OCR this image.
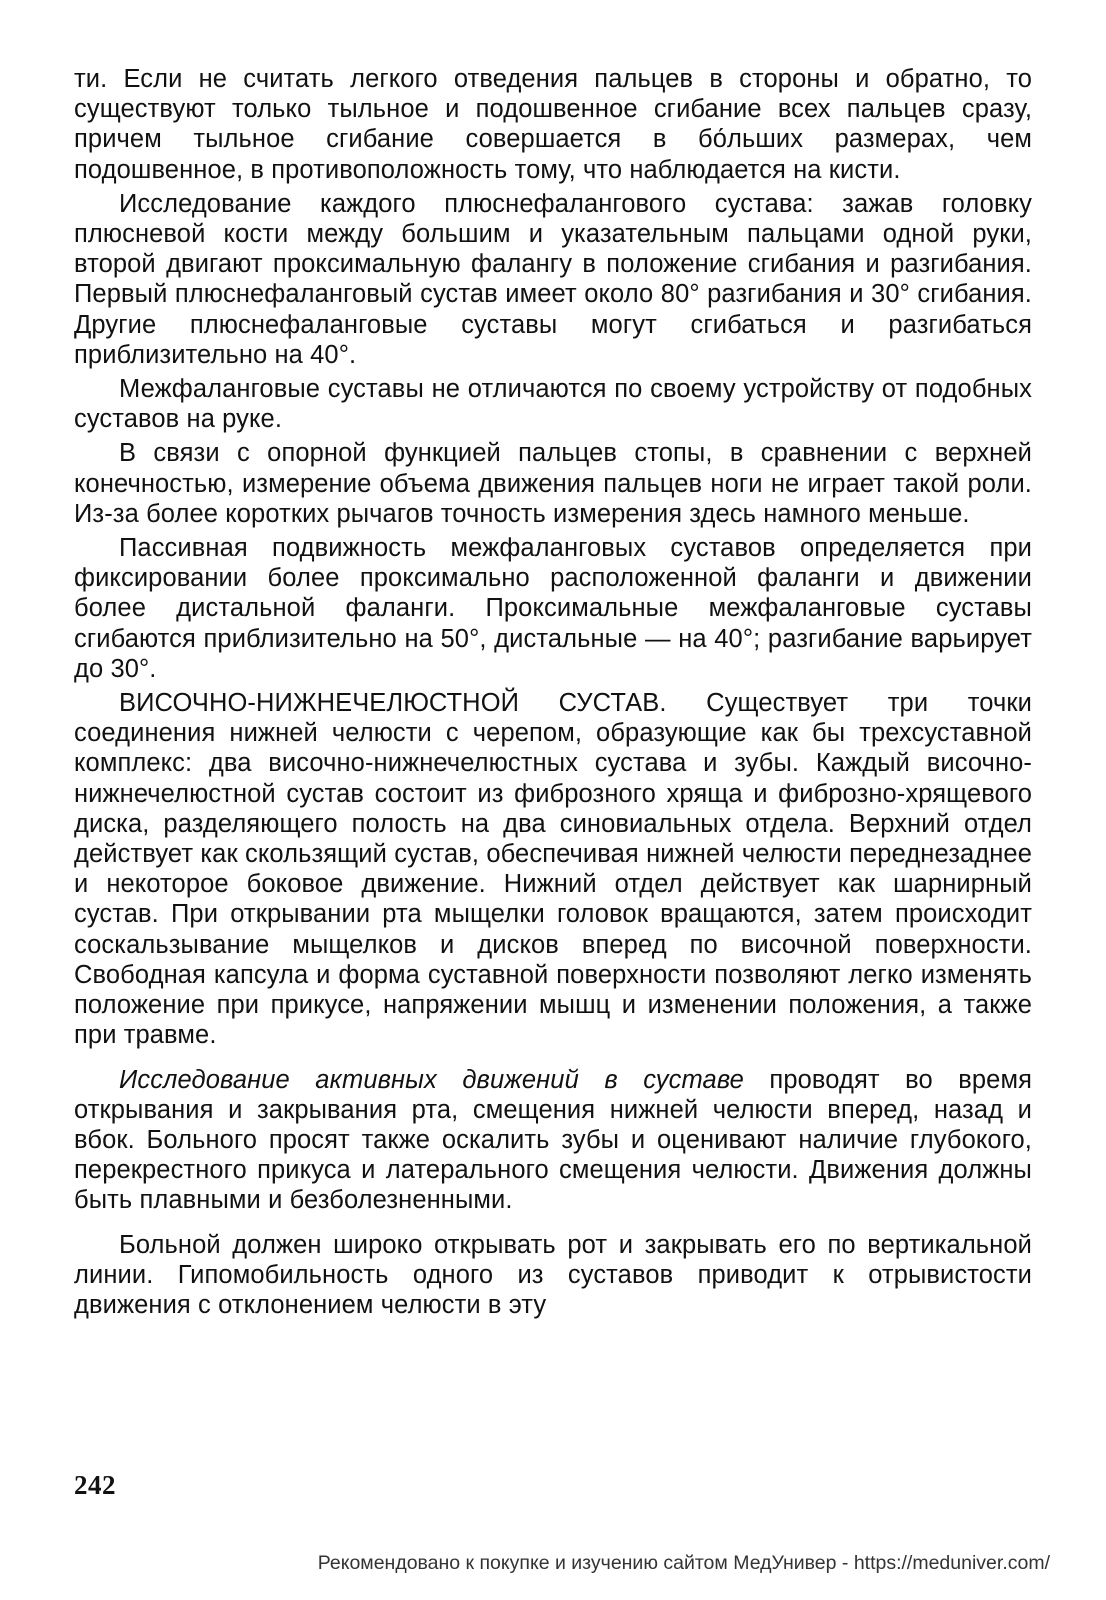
ти. Если не считать легкого отведения пальцев в стороны и обратно, то существуют только тыльное и подошвенное сгибание всех пальцев сразу, причем тыльное сгибание совершается в бо́льших размерах, чем подошвенное, в противоположность тому, что наблюдается на кисти.

Исследование каждого плюснефалангового сустава: зажав головку плюсневой кости между большим и указательным пальцами одной руки, второй двигают проксимальную фалангу в положение сгибания и разгибания. Первый плюснефаланговый сустав имеет около 80° разгибания и 30° сгибания. Другие плюснефаланговые суставы могут сгибаться и разгибаться приблизительно на 40°.

Межфаланговые суставы не отличаются по своему устройству от подобных суставов на руке.

В связи с опорной функцией пальцев стопы, в сравнении с верхней конечностью, измерение объема движения пальцев ноги не играет такой роли. Из-за более коротких рычагов точность измерения здесь намного меньше.

Пассивная подвижность межфаланговых суставов определяется при фиксировании более проксимально расположенной фаланги и движении более дистальной фаланги. Проксимальные межфаланговые суставы сгибаются приблизительно на 50°, дистальные — на 40°; разгибание варьирует до 30°.

ВИСОЧНО-НИЖНЕЧЕЛЮСТНОЙ СУСТАВ. Существует три точки соединения нижней челюсти с черепом, образующие как бы трехсуставной комплекс: два височно-нижнечелюстных сустава и зубы. Каждый височно-нижнечелюстной сустав состоит из фиброзного хряща и фиброзно-хрящевого диска, разделяющего полость на два синовиальных отдела. Верхний отдел действует как скользящий сустав, обеспечивая нижней челюсти переднезаднее и некоторое боковое движение. Нижний отдел действует как шарнирный сустав. При открывании рта мыщелки головок вращаются, затем происходит соскальзывание мыщелков и дисков вперед по височной поверхности. Свободная капсула и форма суставной поверхности позволяют легко изменять положение при прикусе, напряжении мышц и изменении положения, а также при травме.

Исследование активных движений в суставе проводят во время открывания и закрывания рта, смещения нижней челюсти вперед, назад и вбок. Больного просят также оскалить зубы и оценивают наличие глубокого, перекрестного прикуса и латерального смещения челюсти. Движения должны быть плавными и безболезненными.

Больной должен широко открывать рот и закрывать его по вертикальной линии. Гипомобильность одного из суставов приводит к отрывистости движения с отклонением челюсти в эту

242
Рекомендовано к покупке и изучению сайтом МедУнивер - https://meduniver.com/
